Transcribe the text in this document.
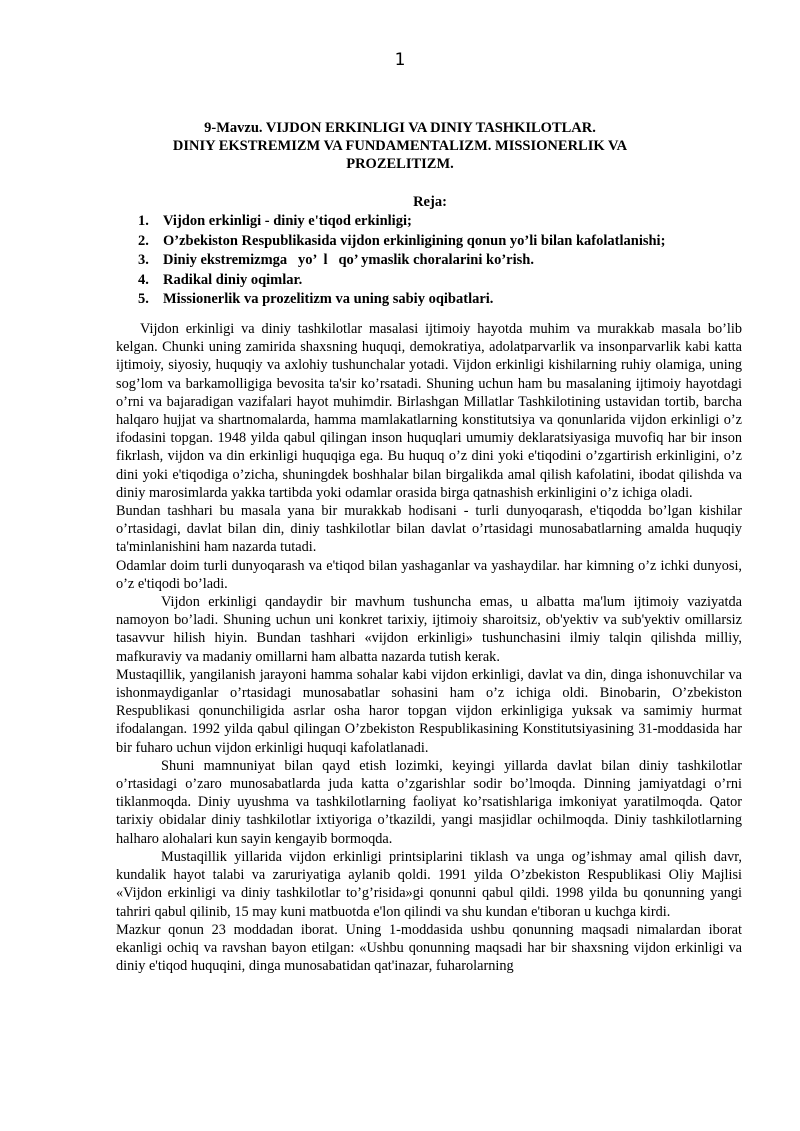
1
9-Mavzu. VIJDON ERKINLIGI VA DINIY TASHKILOTLAR.
DINIY EKSTREMIZM VA FUNDAMENTALIZM. MISSIONERLIK VA
PROZELITIZM.
Reja:
1. Vijdon erkinligi - diniy e'tiqod erkinligi;
2. O’zbekiston Respublikasida vijdon erkinligining qonun yo’li bilan kafolatlanishi;
3. Diniy ekstremizmga   yo’  l   qo’ ymaslik choralarini ko’rish.
4. Radikal diniy oqimlar.
5. Missionerlik va prozelitizm va uning sabiy oqibatlari.

Vijdon erkinligi va diniy tashkilotlar masalasi ijtimoiy hayotda muhim va murakkab masala bo’lib kelgan. Chunki uning zamirida shaxsning huquqi, demokratiya, adolatparvarlik va insonparvarlik kabi katta ijtimoiy, siyosiy, huquqiy va axlohiy tushunchalar yotadi. Vijdon erkinligi kishilarning ruhiy olamiga, uning sog’lom va barkamolligiga bevosita ta'sir ko’rsatadi. Shuning uchun ham bu masalaning ijtimoiy hayotdagi o’rni va bajaradigan vazifalari hayot muhimdir. Birlashgan Millatlar Tashkilotining ustavidan tortib, barcha halqaro hujjat va shartnomalarda, hamma mamlakatlarning konstitutsiya va qonunlarida vijdon erkinligi o’z ifodasini topgan. 1948 yilda qabul qilingan inson huquqlari umumiy deklaratsiyasiga muvofiq har bir inson fikrlash, vijdon va din erkinligi huquqiga ega. Bu huquq o’z dini yoki e'tiqodini o’zgartirish erkinligini, o’z dini yoki e'tiqodiga o’zicha, shuningdek boshhalar bilan birgalikda amal qilish kafolatini, ibodat qilishda va diniy marosimlarda yakka tartibda yoki odamlar orasida birga qatnashish erkinligini o’z ichiga oladi.

Bundan tashhari bu masala yana bir murakkab hodisani - turli dunyoqarash, e'tiqodda bo’lgan kishilar o’rtasidagi, davlat bilan din, diniy tashkilotlar bilan davlat o’rtasidagi munosabatlarning amalda huquqiy ta'minlanishini ham nazarda tutadi.

Odamlar doim turli dunyoqarash va e'tiqod bilan yashaganlar va yashaydilar. har kimning o’z ichki dunyosi, o’z e'tiqodi bo’ladi.

Vijdon erkinligi qandaydir bir mavhum tushuncha emas, u albatta ma'lum ijtimoiy vaziyatda namoyon bo’ladi. Shuning uchun uni konkret tarixiy, ijtimoiy sharoitsiz, ob'yektiv va sub'yektiv omillarsiz tasavvur hilish hiyin. Bundan tashhari «vijdon erkinligi» tushunchasini ilmiy talqin qilishda milliy, mafkuraviy va madaniy omillarni ham albatta nazarda tutish kerak.

Mustaqillik, yangilanish jarayoni hamma sohalar kabi vijdon erkinligi, davlat va din, dinga ishonuvchilar va ishonmaydiganlar o’rtasidagi munosabatlar sohasini ham o’z ichiga oldi. Binobarin, O’zbekiston Respublikasi qonunchiligida asrlar osha haror topgan vijdon erkinligiga yuksak va samimiy hurmat ifodalangan. 1992 yilda qabul qilingan O’zbekiston Respublikasining Konstitutsiyasining 31-moddasida har bir fuharo uchun vijdon erkinligi huquqi kafolatlanadi.

Shuni mamnuniyat bilan qayd etish lozimki, keyingi yillarda davlat bilan diniy tashkilotlar o’rtasidagi o’zaro munosabatlarda juda katta o’zgarishlar sodir bo’lmoqda. Dinning jamiyatdagi o’rni tiklanmoqda. Diniy uyushma va tashkilotlarning faoliyat ko’rsatishlariga imkoniyat yaratilmoqda. Qator tarixiy obidalar diniy tashkilotlar ixtiyoriga o’tkazildi, yangi masjidlar ochilmoqda. Diniy tashkilotlarning halharo alohalari kun sayin kengayib bormoqda.

Mustaqillik yillarida vijdon erkinligi printsiplarini tiklash va unga og’ishmay amal qilish davr, kundalik hayot talabi va zaruriyatiga aylanib qoldi. 1991 yilda O’zbekiston Respublikasi Oliy Majlisi «Vijdon erkinligi va diniy tashkilotlar to’g’risida»gi qonunni qabul qildi. 1998 yilda bu qonunning yangi tahriri qabul qilinib, 15 may kuni matbuotda e'lon qilindi va shu kundan e'tiboran u kuchga kirdi.

Mazkur qonun 23 moddadan iborat. Uning 1-moddasida ushbu qonunning maqsadi nimalardan iborat ekanligi ochiq va ravshan bayon etilgan: «Ushbu qonunning maqsadi har bir shaxsning vijdon erkinligi va diniy e'tiqod huquqini, dinga munosabatidan qat'inazar, fuharolarning
